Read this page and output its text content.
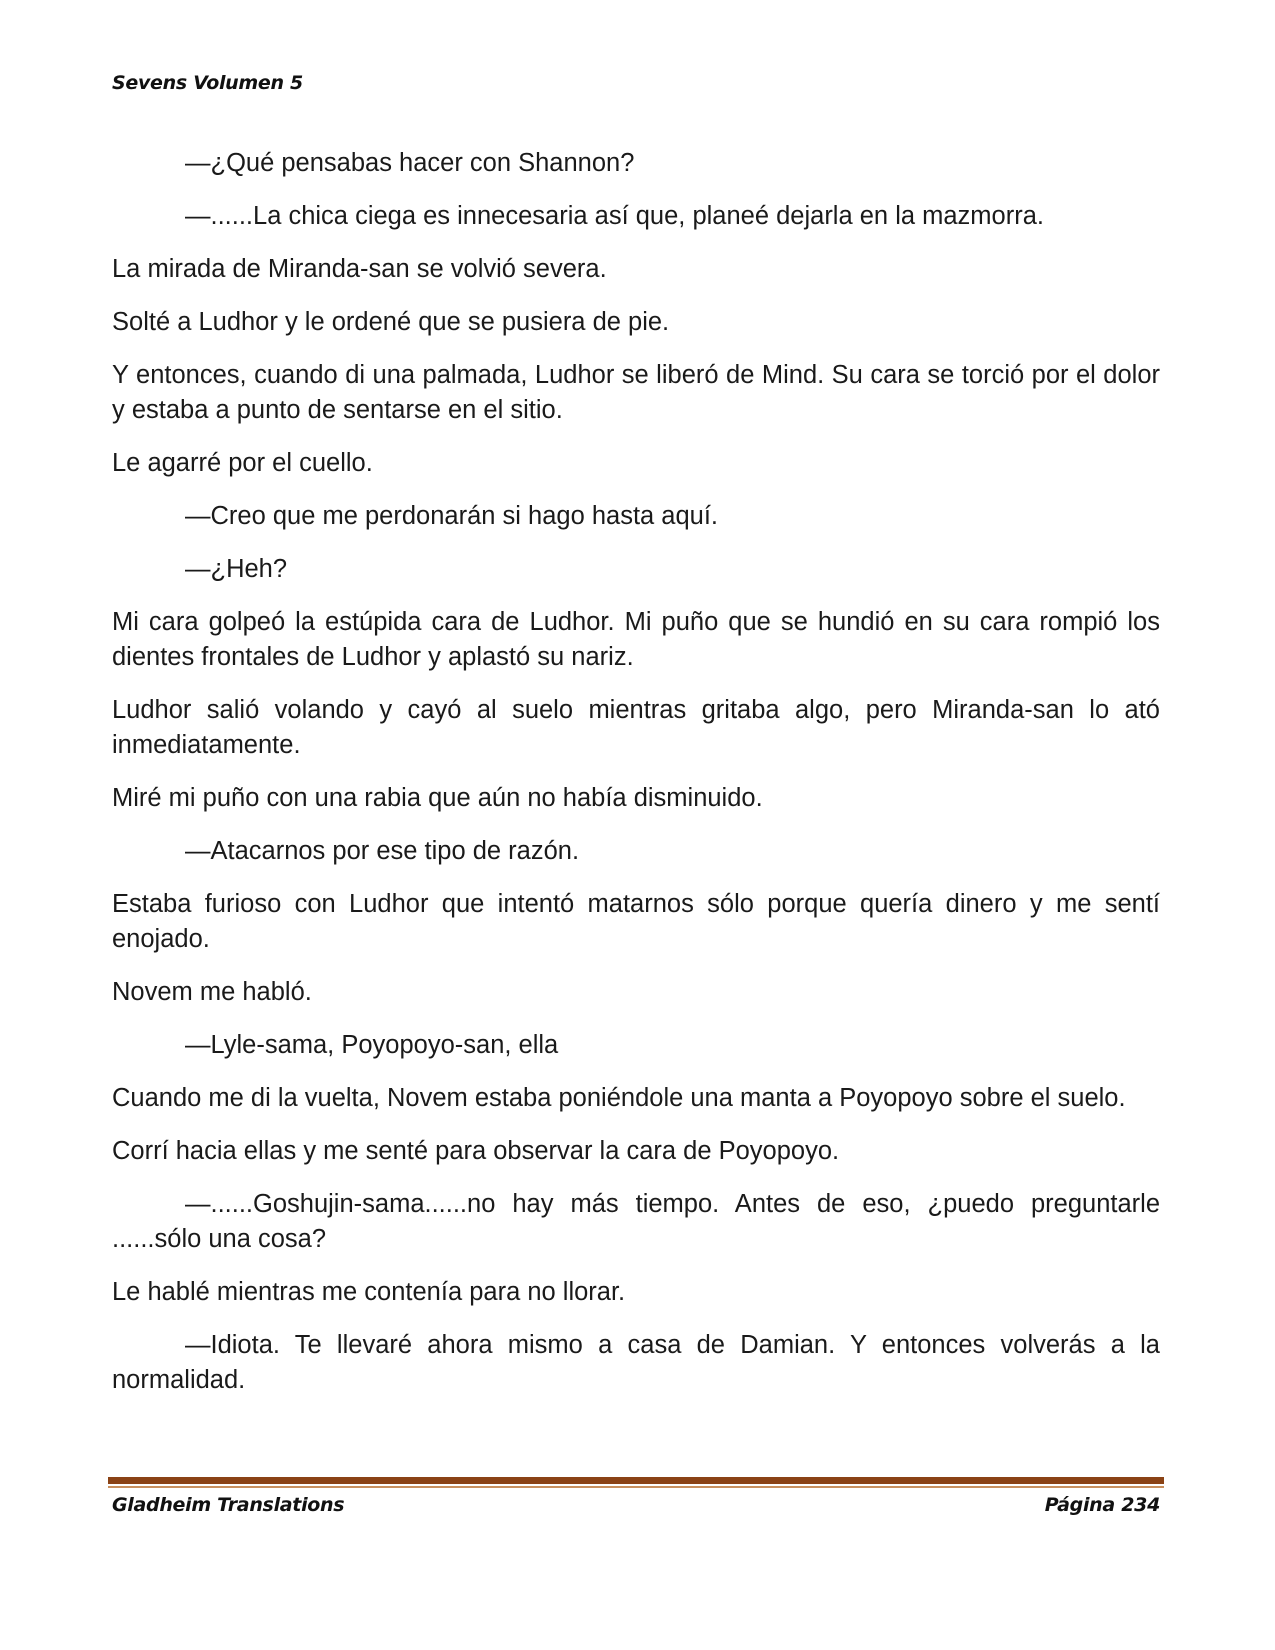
Sevens Volumen 5

—¿Qué pensabas hacer con Shannon?

—......La chica ciega es innecesaria así que, planeé dejarla en la mazmorra.

La mirada de Miranda-san se volvió severa.

Solté a Ludhor y le ordené que se pusiera de pie.

Y entonces, cuando di una palmada, Ludhor se liberó de Mind. Su cara se torció por el dolor y estaba a punto de sentarse en el sitio.

Le agarré por el cuello.

—Creo que me perdonarán si hago hasta aquí.

—¿Heh?

Mi cara golpeó la estúpida cara de Ludhor. Mi puño que se hundió en su cara rompió los dientes frontales de Ludhor y aplastó su nariz.

Ludhor salió volando y cayó al suelo mientras gritaba algo, pero Miranda-san lo ató inmediatamente.

Miré mi puño con una rabia que aún no había disminuido.

—Atacarnos por ese tipo de razón.

Estaba furioso con Ludhor que intentó matarnos sólo porque quería dinero y me sentí enojado.

Novem me habló.

—Lyle-sama, Poyopoyo-san, ella

Cuando me di la vuelta, Novem estaba poniéndole una manta a Poyopoyo sobre el suelo.

Corrí hacia ellas y me senté para observar la cara de Poyopoyo.

—......Goshujin-sama......no hay más tiempo. Antes de eso, ¿puedo preguntarle ......sólo una cosa?

Le hablé mientras me contenía para no llorar.

—Idiota. Te llevaré ahora mismo a casa de Damian. Y entonces volverás a la normalidad.

Gladheim Translations	Página 234
